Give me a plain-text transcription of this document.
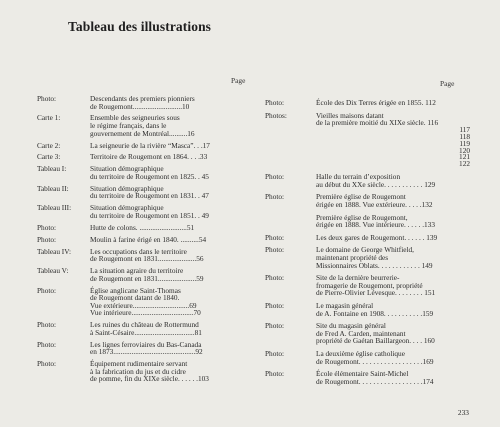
Tableau des illustrations
Page	Page
Photo:	Descendants des premiers pionniers
de Rougemont...........................10
Carte 1:	Ensemble des seigneuries sous
le régime français, dans le
gouvernement de Montréal..........16
Carte 2:	La seigneurie de la rivière “Masca”. . .17
Carte 3:	Territoire de Rougemont en 1864. . . .33
Tableau I:	Situation démographique
du territoire de Rougemont en 1825. . 45
Tableau II:	Situation démographique
du territoire de Rougemont en 1831. . 47
Tableau III:	Situation démographique
du territoire de Rougemont en 1851. . 49
Photo:	Hutte de colons. ..........................51
Photo:	Moulin à farine érigé en 1840. ..........54
Tableau IV:	Les occupations dans le territoire
de Rougemont en 1831.....................56
Tableau V:	La situation agraire du territoire
de Rougemont en 1831.....................59
Photo:	Église anglicane Saint-Thomas
de Rougemont datant de 1840.
Vue extérieure...............................69
Vue intérieure..................................70
Photo:	Les ruines du château de Rottermund
à Saint-Césaire.................................81
Photo:	Les lignes ferroviaires du Bas-Canada
en 1873.............................................92
Photo:	Équipement rudimentaire servant
à la fabrication du jus et du cidre
de pomme, fin du XIXe siècle. . . . . .103
Photo:	École des Dix Terres érigée en 1855. 112
Photos:	Vieilles maisons datant
de la première moitié du XIXe siècle. 116
117
118
119
120
121
122
Photo:	Halle du terrain d’exposition
au début du XXe siècle. . . . . . . . . . . 129
Photo:	Première église de Rougemont
érigée en 1888. Vue extérieure. . . . .132
Première église de Rougemont,
érigée en 1888. Vue intérieure. . . . . .133
Photo:	Les deux gares de Rougemont. . . . . . 139
Photo:	Le domaine de George Whitfield,
maintenant propriété des
Missionnaires Oblats. . . . . . . . . . . . 149
Photo:	Site de la dernière beurrerie-
fromagerie de Rougemont, propriété
de Pierre-Olivier Lévesque. . . . . . . . 151
Photo:	Le magasin général
de A. Fontaine en 1908. . . . . . . . . . .159
Photo:	Site du magasin général
de Fred A. Carden, maintenant
propriété de Gaétan Baillargeon. . . . 160
Photo:	La deuxième église catholique
de Rougemont. . . . . . . . . . . . . . . . . .169
Photo:	École élémentaire Saint-Michel
de Rougemont. . . . . . . . . . . . . . . . . .174
233
